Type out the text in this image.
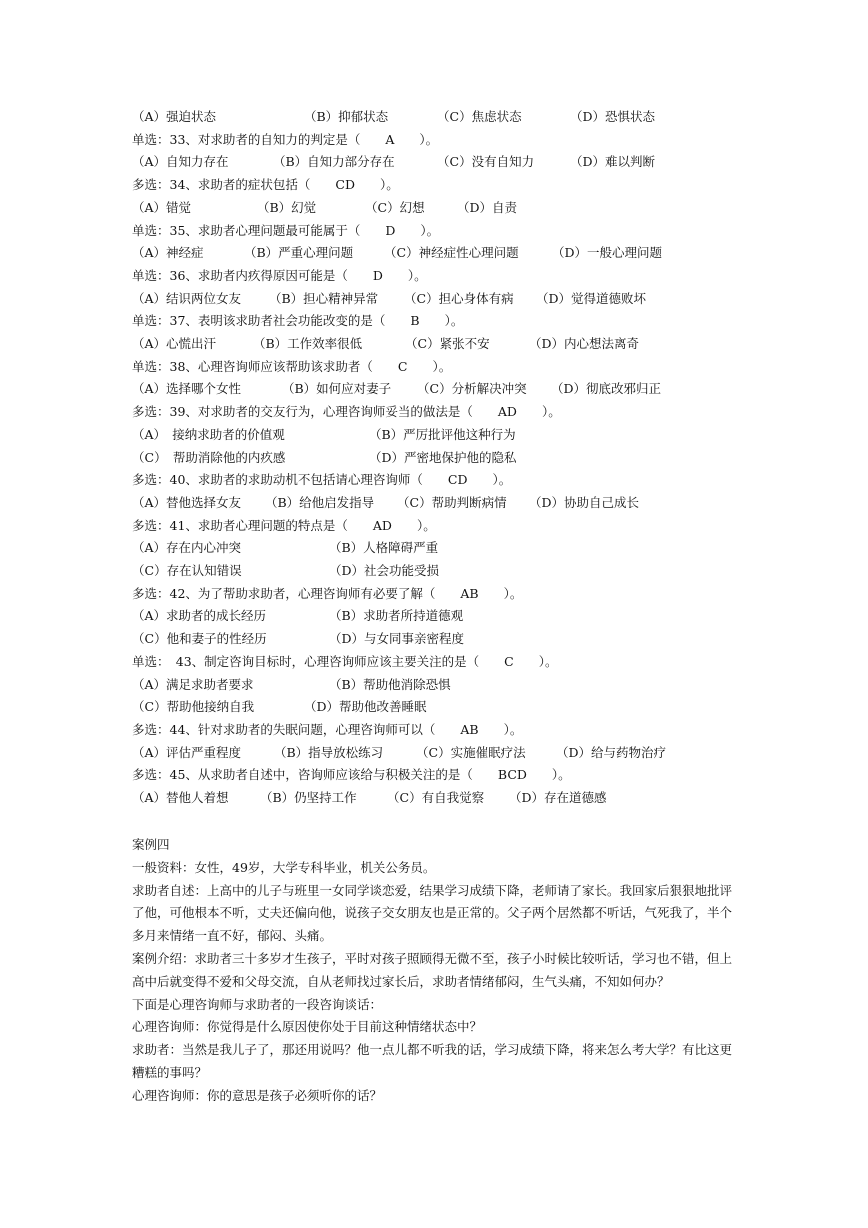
（A）强迫状态	（B）抑郁状态	（C）焦虑状态	（D）恐惧状态
单选：33、对求助者的自知力的判定是（　　A　　）。
（A）自知力存在	（B）自知力部分存在	（C）没有自知力	（D）难以判断
多选：34、求助者的症状包括（　　CD　　）。
（A）错觉	（B）幻觉	（C）幻想	（D）自责
单选：35、求助者心理问题最可能属于（　　D　　）。
（A）神经症	（B）严重心理问题 （C）神经症性心理问题	（D）一般心理问题
单选：36、求助者内疚得原因可能是（　　D　　）。
（A）结识两位女友 （B）担心精神异常 （C）担心身体有病 （D）觉得道德败坏
单选：37、表明该求助者社会功能改变的是（　　B　　）。
（A）心慌出汗	（B）工作效率很低	（C）紧张不安	（D）内心想法离奇
单选：38、心理咨询师应该帮助该求助者（　　C　　）。
（A）选择哪个女性	（B）如何应对妻子 （C）分析解决冲突 （D）彻底改邪归正
多选：39、对求助者的交友行为，心理咨询师妥当的做法是（　　AD　　）。
（A）　接纳求助者的价值观	（B）严厉批评他这种行为
（C）　帮助消除他的内疚感	（D）严密地保护他的隐私
多选：40、求助者的求助动机不包括请心理咨询师（　　CD　　）。
（A）替他选择女友 （B）给他启发指导 （C）帮助判断病情 （D）协助自己成长
多选：41、求助者心理问题的特点是（　　AD　　）。
（A）存在内心冲突	（B）人格障碍严重
（C）存在认知错误	（D）社会功能受损
多选：42、为了帮助求助者，心理咨询师有必要了解（　　AB　　）。
（A）求助者的成长经历	（B）求助者所持道德观
（C）他和妻子的性经历	（D）与女同事亲密程度
单选：　43、制定咨询目标时，心理咨询师应该主要关注的是（　　C　　）。
（A）满足求助者要求	（B）帮助他消除恐惧
（C）帮助他接纳自我	（D）帮助他改善睡眠
多选：44、针对求助者的失眠问题，心理咨询师可以（　　AB　　）。
（A）评估严重程度	（B）指导放松练习	（C）实施催眠疗法 （D）给与药物治疗
多选：45、从求助者自述中，咨询师应该给与积极关注的是（　　BCD　　）。
（A）替他人着想	（B）仍坚持工作 （C）有自我觉察 （D）存在道德感
案例四
一般资料：女性，49岁，大学专科毕业，机关公务员。
求助者自述：上高中的儿子与班里一女同学谈恋爱，结果学习成绩下降，老师请了家长。我回家后狠狠地批评了他，可他根本不听，丈夫还偏向他，说孩子交女朋友也是正常的。父子两个居然都不听话，气死我了，半个多月来情绪一直不好，郁闷、头痛。
案例介绍：求助者三十多岁才生孩子，平时对孩子照顾得无微不至，孩子小时候比较听话，学习也不错，但上高中后就变得不爱和父母交流，自从老师找过家长后，求助者情绪郁闷，生气头痛，不知如何办？
下面是心理咨询师与求助者的一段咨询谈话：
心理咨询师：你觉得是什么原因使你处于目前这种情绪状态中？
求助者：当然是我儿子了，那还用说吗？他一点儿都不听我的话，学习成绩下降，将来怎么考大学？有比这更糟糕的事吗？
心理咨询师：你的意思是孩子必须听你的话？
